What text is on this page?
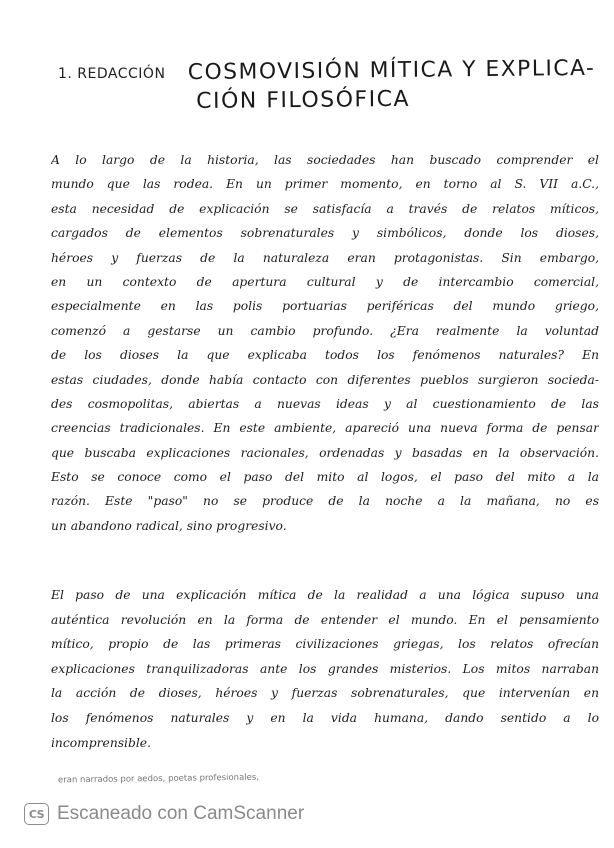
1. REDACCIÓN COSMOVISIÓN MÍTICA Y EXPLICA-
CIÓN FILOSÓFICA
A lo largo de la historia, las sociedades han buscado comprender el
mundo que las rodea. En un primer momento, en torno al S. VII a.C.,
esta necesidad de explicación se satisfacía a través de relatos míticos,
cargados de elementos sobrenaturales y simbólicos, donde los dioses,
héroes y fuerzas de la naturaleza eran protagonistas. Sin embargo,
en un contexto de apertura cultural y de intercambio comercial,
especialmente en las polis portuarias periféricas del mundo griego,
comenzó a gestarse un cambio profundo. ¿Era realmente la voluntad
de los dioses la que explicaba todos los fenómenos naturales? En
estas ciudades, donde había contacto con diferentes pueblos surgieron socieda-
des cosmopolitas, abiertas a nuevas ideas y al cuestionamiento de las
creencias tradicionales. En este ambiente, apareció una nueva forma de pensar
que buscaba explicaciones racionales, ordenadas y basadas en la observación.
Esto se conoce como el paso del mito al logos, el paso del mito a la
razón. Este "paso" no se produce de la noche a la mañana, no es
un abandono radical, sino progresivo.
El paso de una explicación mítica de la realidad a una lógica supuso una
auténtica revolución en la forma de entender el mundo. En el pensamiento
mítico, propio de las primeras civilizaciones griegas, los relatos ofrecían
explicaciones tranquilizadoras ante los grandes misterios. Los mitos narraban
la acción de dioses, héroes y fuerzas sobrenaturales, que intervenían en
los fenómenos naturales y en la vida humana, dando sentido a lo
incomprensible.
eran narrados por aedos, poetas profesionales,
CS Escaneado con CamScanner
